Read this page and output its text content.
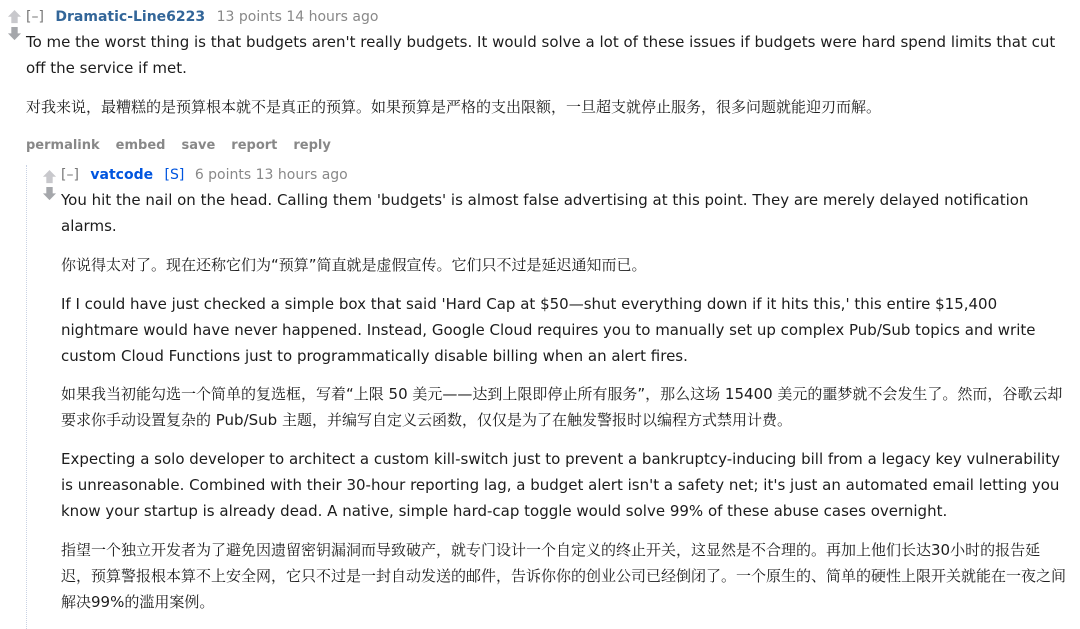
[–] Dramatic-Line6223 13 points 14 hours ago

To me the worst thing is that budgets aren't really budgets. It would solve a lot of these issues if budgets were hard spend limits that cut off the service if met.

对我来说，最糟糕的是预算根本就不是真正的预算。如果预算是严格的支出限额，一旦超支就停止服务，很多问题就能迎刃而解。

permalink embed save report reply

[–] vatcode [S] 6 points 13 hours ago

You hit the nail on the head. Calling them 'budgets' is almost false advertising at this point. They are merely delayed notification alarms.

你说得太对了。现在还称它们为“预算”简直就是虚假宣传。它们只不过是延迟通知而已。

If I could have just checked a simple box that said 'Hard Cap at $50—shut everything down if it hits this,' this entire $15,400 nightmare would have never happened. Instead, Google Cloud requires you to manually set up complex Pub/Sub topics and write custom Cloud Functions just to programmatically disable billing when an alert fires.

如果我当初能勾选一个简单的复选框，写着“上限 50 美元——达到上限即停止所有服务”，那么这场 15400 美元的噩梦就不会发生了。然而，谷歌云却要求你手动设置复杂的 Pub/Sub 主题，并编写自定义云函数，仅仅是为了在触发警报时以编程方式禁用计费。

Expecting a solo developer to architect a custom kill-switch just to prevent a bankruptcy-inducing bill from a legacy key vulnerability is unreasonable. Combined with their 30-hour reporting lag, a budget alert isn't a safety net; it's just an automated email letting you know your startup is already dead. A native, simple hard-cap toggle would solve 99% of these abuse cases overnight.

指望一个独立开发者为了避免因遗留密钥漏洞而导致破产，就专门设计一个自定义的终止开关，这显然是不合理的。再加上他们长达30小时的报告延迟，预算警报根本算不上安全网，它只不过是一封自动发送的邮件，告诉你你的创业公司已经倒闭了。一个原生的、简单的硬性上限开关就能在一夜之间解决99%的滥用案例。
